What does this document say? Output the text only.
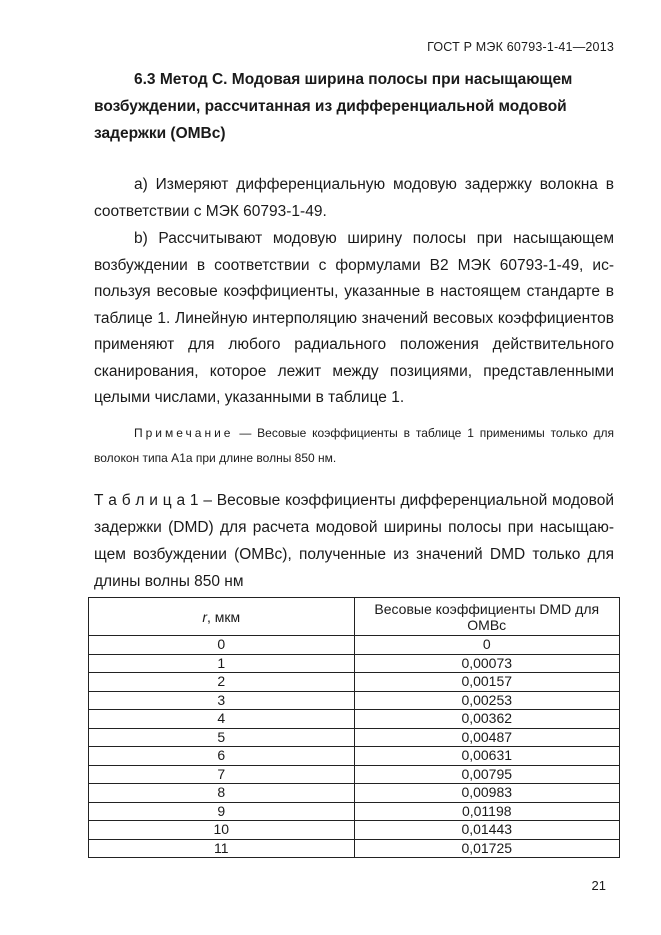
ГОСТ Р МЭК 60793-1-41—2013
6.3 Метод С. Модовая ширина полосы при насыщающем
возбуждении, рассчитанная из дифференциальной модовой
задержки (OMBc)
а) Измеряют дифференциальную модовую задержку волокна в соответствии с МЭК 60793-1-49.
b) Рассчитывают модовую ширину полосы при насыщающем возбуждении в соответствии с формулами В2 МЭК 60793-1-49, используя весовые коэффициенты, указанные в настоящем стандарте в таблице 1. Линейную интерполяцию значений весовых коэффициентов применяют для любого радиального положения действительного сканирования, которое лежит между позициями, представленными целыми числами, указанными в таблице 1.
Примечание — Весовые коэффициенты в таблице 1 применимы только для волокон типа А1а при длине волны 850 нм.
Т а б л и ц а 1 – Весовые коэффициенты дифференциальной модовой задержки (DMD) для расчета модовой ширины полосы при насыщающем возбуждении (OMBc), полученные из значений DMD только для длины волны 850 нм
r, мкм	Весовые коэффициенты DMD для OMBc
0	0
1	0,00073
2	0,00157
3	0,00253
4	0,00362
5	0,00487
6	0,00631
7	0,00795
8	0,00983
9	0,01198
10	0,01443
11	0,01725
21
